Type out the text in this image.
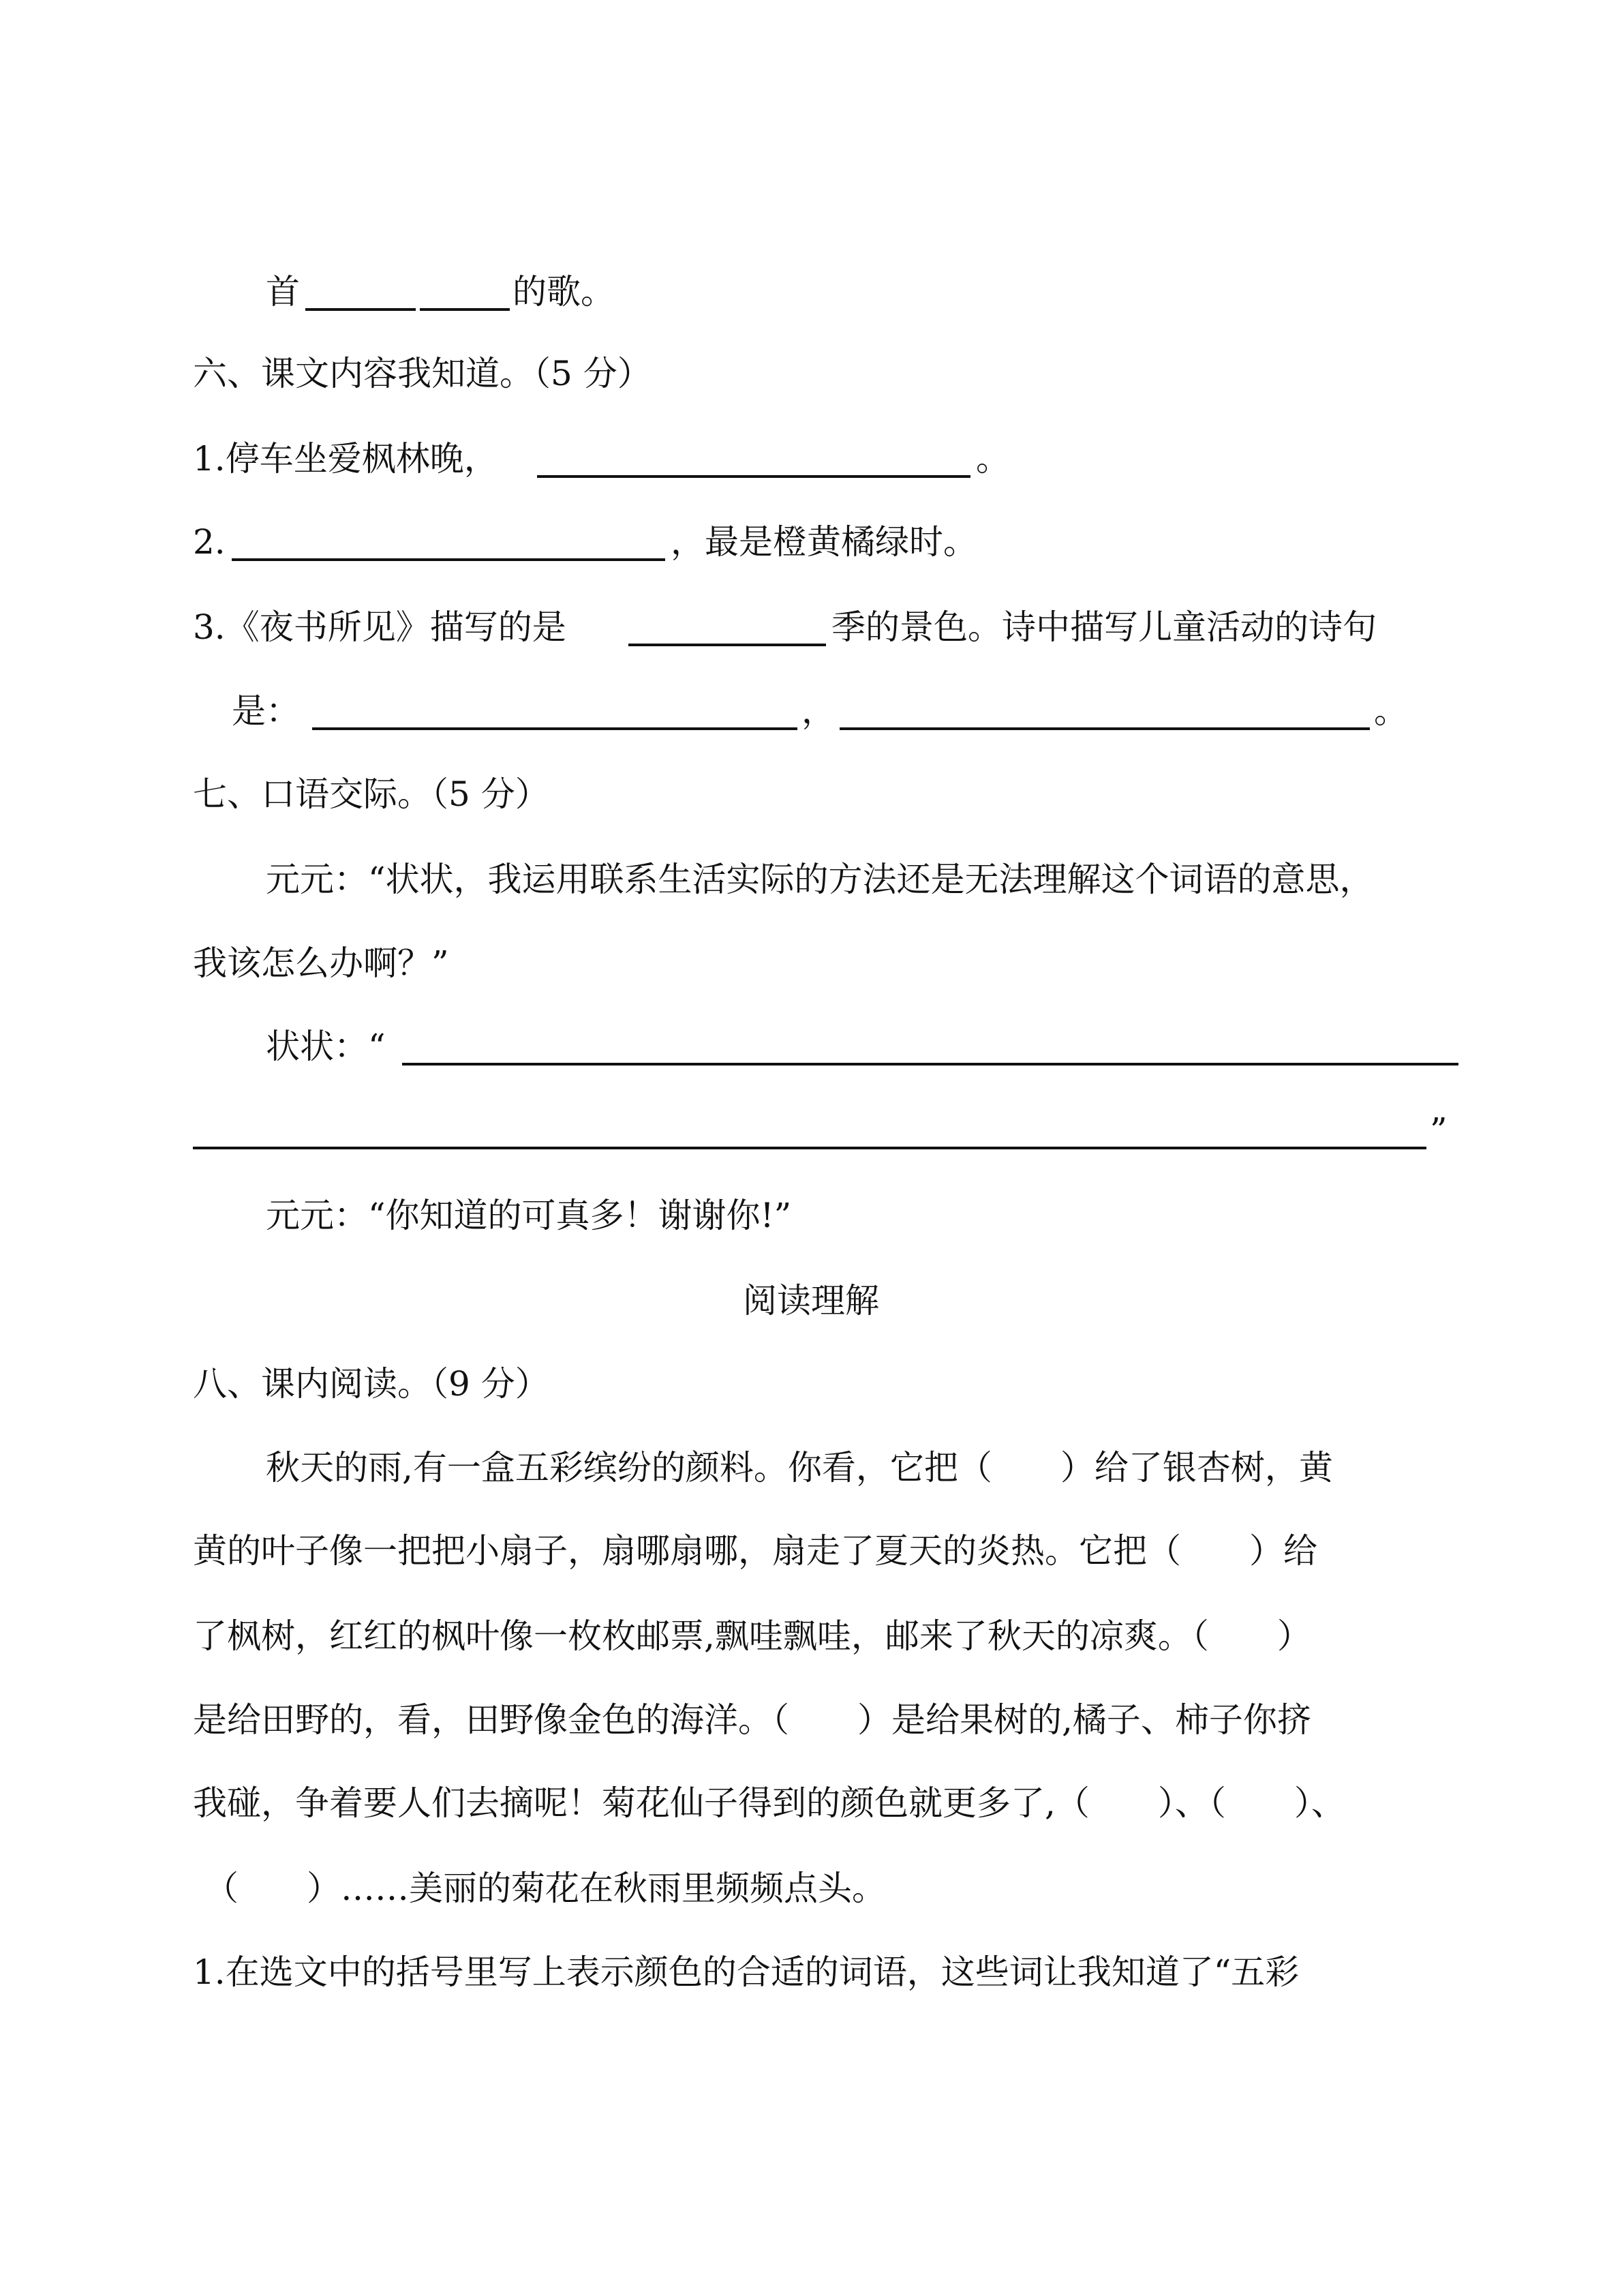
首	的歌。
六、课文内容我知道。（5 分）
1.停车坐爱枫林晚，	。
2.	，最是橙黄橘绿时。
3.《夜书所见》描写的是	季的景色。诗中描写儿童活动的诗句
是：	，	。
七、口语交际。（5 分）
元元：“状状，我运用联系生活实际的方法还是无法理解这个词语的意思，
我该怎么办啊？”
状状：“
”
元元：“你知道的可真多！谢谢你!”
阅读理解
八、课内阅读。（9 分）
秋天的雨,有一盒五彩缤纷的颜料。你看，它把（　　）给了银杏树，黄
黄的叶子像一把把小扇子，扇哪扇哪，扇走了夏天的炎热。它把（　　）给
了枫树，红红的枫叶像一枚枚邮票,飘哇飘哇，邮来了秋天的凉爽。（　　）
是给田野的，看，田野像金色的海洋。（　　）是给果树的,橘子、柿子你挤
我碰，争着要人们去摘呢！菊花仙子得到的颜色就更多了,（　　）、（　　）、
（　　）……美丽的菊花在秋雨里频频点头。
1.在选文中的括号里写上表示颜色的合适的词语，这些词让我知道了“五彩
